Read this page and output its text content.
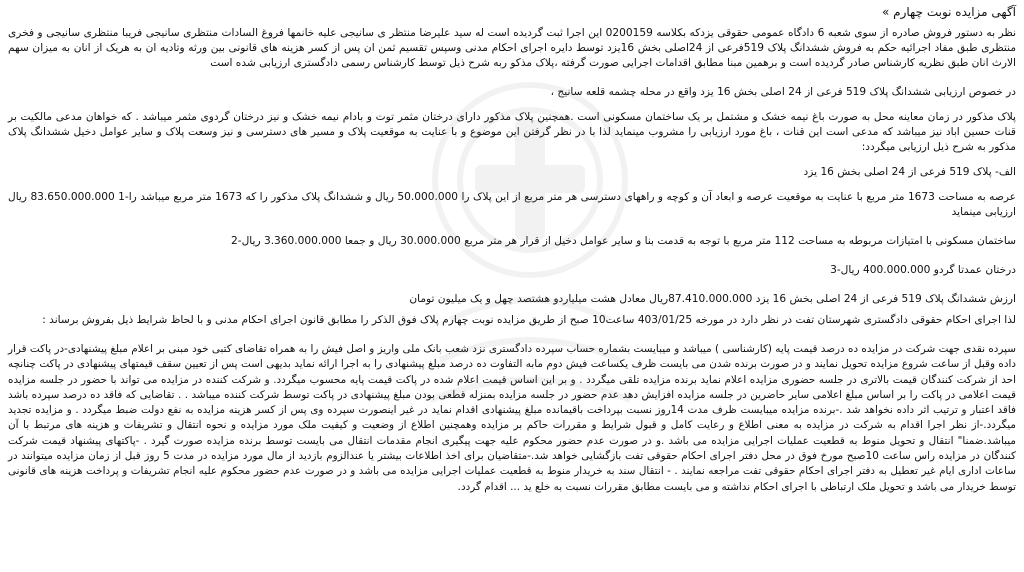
آگهی مزایده نوبت چهارم »

نظر به دستور فروش صادره از سوی شعبه 6 دادگاه عمومی حقوقی یزدکه بکلاسه 0200159 این اجرا ثبت گردیده است له سید علیرضا منتظر ی سانیجی علیه خانمها فروغ السادات منتظری سانیجی فریبا منتظری سانیجی و فخری منتظری طبق مفاد اجرائیه حکم به فروش ششدانگ پلاک 519فرعی از 24اصلی بخش 16یزد توسط دایره اجرای احکام مدنی وسپس تقسیم ثمن ان پس از کسر هزینه های قانونی بین ورثه وتادیه ان به هریک از انان به میزان سهم الارث انان طبق نظریه کارشناس صادر گردیده است و برهمین مبنا مطابق اقدامات اجرایی صورت گرفته ،پلاک مذکو ربه شرح ذیل توسط کارشناس رسمی دادگستری ارزیابی شده است

در خصوص ارزیابی ششدانگ پلاک 519 فرعی از 24 اصلی بخش 16 یزد واقع در محله چشمه قلعه سانیج ،

پلاک مذکور در زمان معاینه محل به صورت باغ نیمه خشک و مشتمل بر یک ساختمان مسکونی است .همچنین پلاک مذکور دارای درختان مثمر توت و بادام نیمه خشک و نیز درختان گردوی مثمر میباشد . که خواهان مدعی مالکیت بر قنات حسین اباد نیز میباشد که مدعی است این قنات ، باغ مورد ارزیابی را مشروب مینماید لذا با در نظر گرفتن این موضوع و با عنایت به موقعیت پلاک و مسیر های دسترسی و نیز وسعت پلاک و سایر عوامل دخیل ششدانگ پلاک مذکور به شرح ذیل ارزیابی میگردد:

الف- پلاک 519 فرعی از 24 اصلی بخش 16 یزد

عرصه به مساحت 1673 متر مربع با عنایت به موقعیت عرصه و ابعاد آن و کوچه و راههای دسترسی هر متر مربع از این پلاک را 50.000.000 ریال و ششدانگ پلاک مذکور را که 1673 متر مربع میباشد را-1 83.650.000.000 ریال ارزیابی مینماید

ساختمان مسکونی با امتیازات مربوطه به مساحت 112 متر مربع با توجه به قدمت بنا و سایر عوامل دخیل از قرار هر متر مربع 30.000.000 ریال و جمعا 3.360.000.000 ریال-2

درختان عمدتا گردو 400.000.000 ریال-3

ارزش ششدانگ پلاک 519 فرعی از 24 اصلی بخش 16 یزد 87.410.000.000ریال معادل هشت میلیاردو هشتصد چهل و یک میلیون تومان

لذا اجرای احکام حقوقی دادگستری شهرستان تفت در نظر دارد در مورخه 403/01/25 ساعت10 صبح از طریق مزایده نوبت چهارم پلاک فوق الذکر را مطابق قانون اجرای احکام مدنی و با لحاظ شرایط ذیل بفروش برساند :

سپرده نقدی جهت شرکت در مزایده ده درصد قیمت پایه (کارشناسی ) میباشد و میبایست بشماره حساب سپرده دادگستری نزد شعب بانک ملی واریز و اصل فیش را به همراه تقاضای کتبی خود مبنی بر اعلام مبلغ پیشنهادی-در پاکت قرار داده وقبل از ساعت شروع مزایده تحویل نمایند و در صورت برنده شدن می بایست ظرف یکساعت فیش دوم مابه التفاوت ده درصد مبلغ پیشنهادی را به اجرا ارائه نماید بدیهی است پس از تعیین سقف قیمتهای پیشنهادی در پاکت چنانچه احد از شرکت کنندگان قیمت بالاتری در جلسه حضوری مزایده اعلام نماید برنده مزایده تلقی میگردد . و بر این اساس قیمت اعلام شده در پاکت قیمت پایه محسوب میگردد. و شرکت کننده در مزایده می تواند با حضور در جلسه مزایده قیمت اعلامی در پاکت را بر اساس مبلغ اعلامی سایر حاضرین در جلسه مزایده افزایش دهد عدم حضور در جلسه مزایده بمنزله قطعی بودن مبلغ پیشنهادی در پاکت توسط شرکت کننده میباشد . . تقاضایی که فاقد ده درصد سپرده باشد فاقد اعتبار و ترتیب اثر داده نخواهد شد .-برنده مزایده میبایست ظرف مدت 14روز نسبت بپرداخت باقیمانده مبلغ پیشنهادی اقدام نماید در غیر اینصورت سپرده وی پس از کسر هزینه مزایده به نفع دولت ضبط میگردد . و مزایده تجدید میگردد.-از نظر اجرا اقدام به شرکت در مزایده به معنی اطلاع و رعایت کامل و قبول شرایط و مقررات حاکم بر مزایده وهمچنین اطلاع از وضعیت و کیفیت ملک مورد مزایده و نحوه انتقال و تشریفات و هزینه های مرتبط با آن میباشد.ضمنا" انتقال و تحویل منوط به قطعیت عملیات اجرایی مزایده می باشد .و در صورت عدم حضور محکوم علیه جهت پیگیری انجام مقدمات انتقال می بایست توسط برنده مزایده صورت گیرد . -پاکتهای پیشنهاد قیمت شرکت کنندگان در مزایده راس ساعت 10صبح مورخ فوق در محل دفتر اجرای احکام حقوقی تفت بازگشایی خواهد شد.-متقاضیان برای اخذ اطلاعات بیشتر یا عندالزوم بازدید از مال مورد مزایده در مدت 5 روز قبل از زمان مزایده میتوانند در ساعات اداری ایام غیر تعطیل به دفتر اجرای احکام حقوقی تفت مراجعه نمایند . - انتقال سند به خریدار منوط به قطعیت عملیات اجرایی مزایده می باشد و در صورت عدم حضور محکوم علیه انجام تشریفات و پرداخت هزینه های قانونی توسط خریدار می باشد و تحویل ملک ارتباطی با اجرای احکام نداشته و می بایست مطابق مقررات نسبت به خلع ید ... اقدام گردد.
